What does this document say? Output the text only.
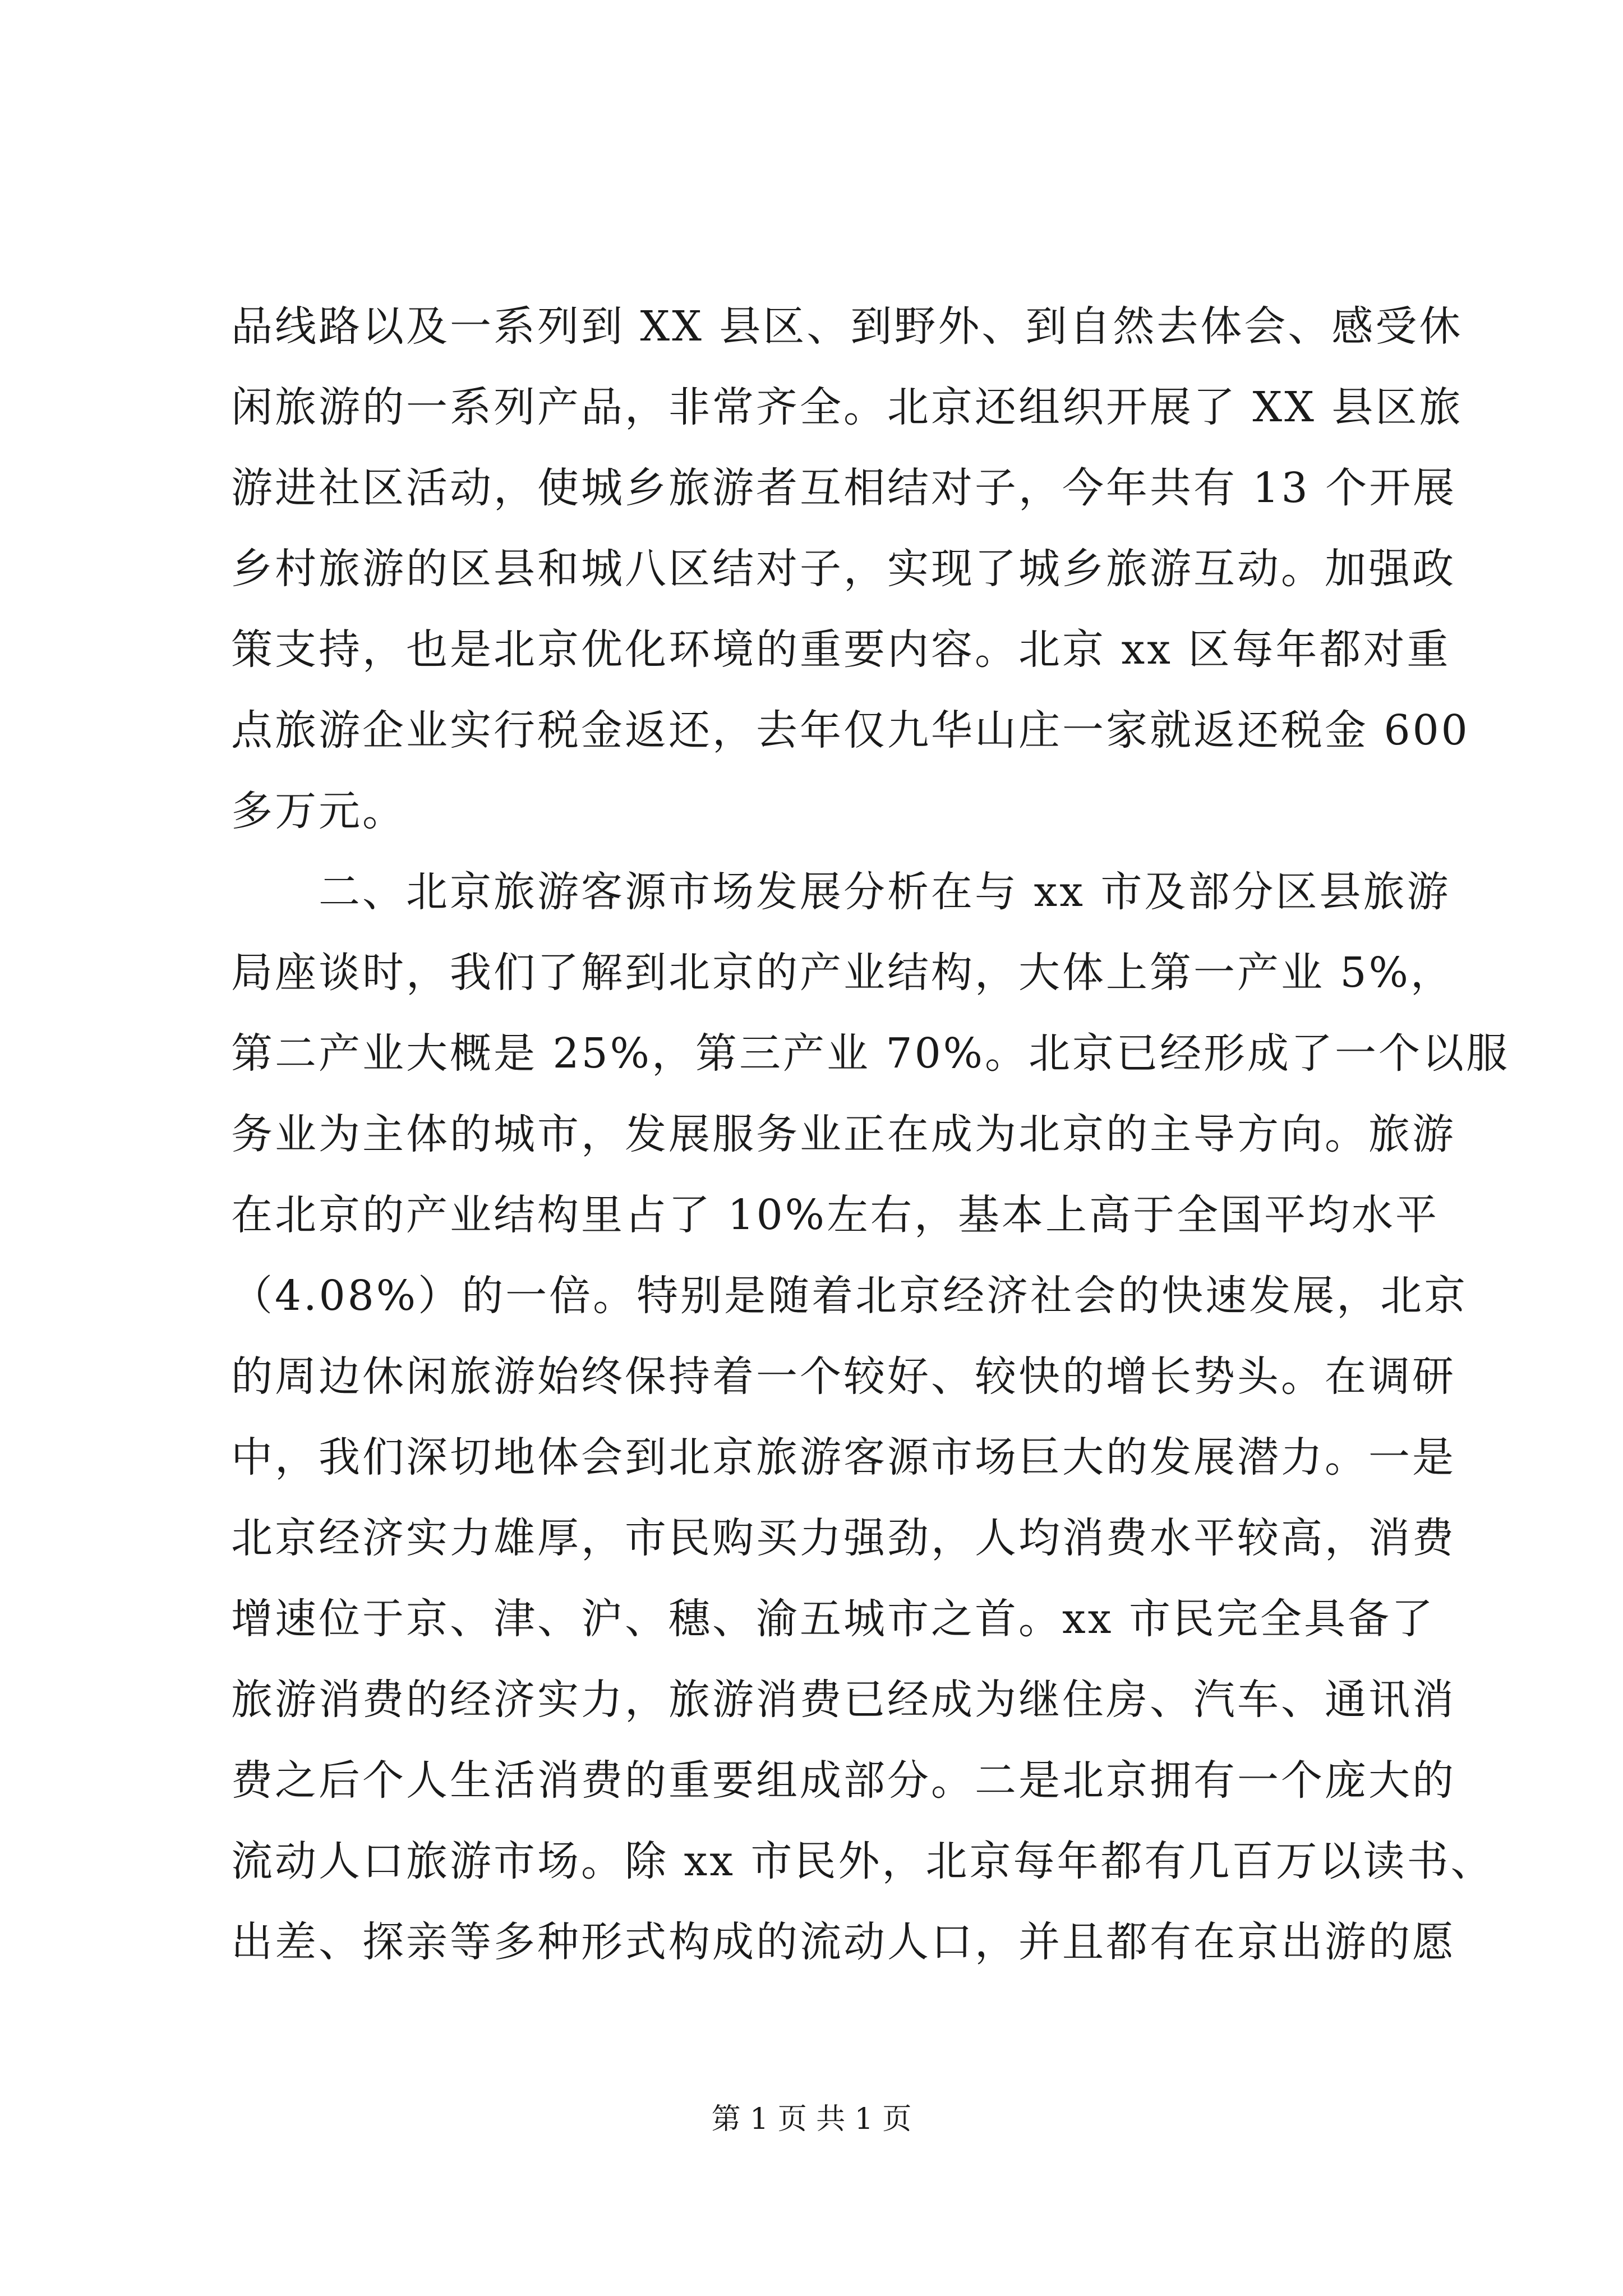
品线路以及一系列到 XX 县区、到野外、到自然去体会、感受休
闲旅游的一系列产品，非常齐全。北京还组织开展了 XX 县区旅
游进社区活动，使城乡旅游者互相结对子，今年共有 13 个开展
乡村旅游的区县和城八区结对子，实现了城乡旅游互动。加强政
策支持，也是北京优化环境的重要内容。北京 xx 区每年都对重
点旅游企业实行税金返还，去年仅九华山庄一家就返还税金 600
多万元。
　　二、北京旅游客源市场发展分析在与 xx 市及部分区县旅游
局座谈时，我们了解到北京的产业结构，大体上第一产业 5%，
第二产业大概是 25%，第三产业 70%。北京已经形成了一个以服
务业为主体的城市，发展服务业正在成为北京的主导方向。旅游
在北京的产业结构里占了 10%左右，基本上高于全国平均水平
（4.08%）的一倍。特别是随着北京经济社会的快速发展，北京
的周边休闲旅游始终保持着一个较好、较快的增长势头。在调研
中，我们深切地体会到北京旅游客源市场巨大的发展潜力。一是
北京经济实力雄厚，市民购买力强劲，人均消费水平较高，消费
增速位于京、津、沪、穗、渝五城市之首。xx 市民完全具备了
旅游消费的经济实力，旅游消费已经成为继住房、汽车、通讯消
费之后个人生活消费的重要组成部分。二是北京拥有一个庞大的
流动人口旅游市场。除 xx 市民外，北京每年都有几百万以读书、
出差、探亲等多种形式构成的流动人口，并且都有在京出游的愿
第 1 页 共 1 页
